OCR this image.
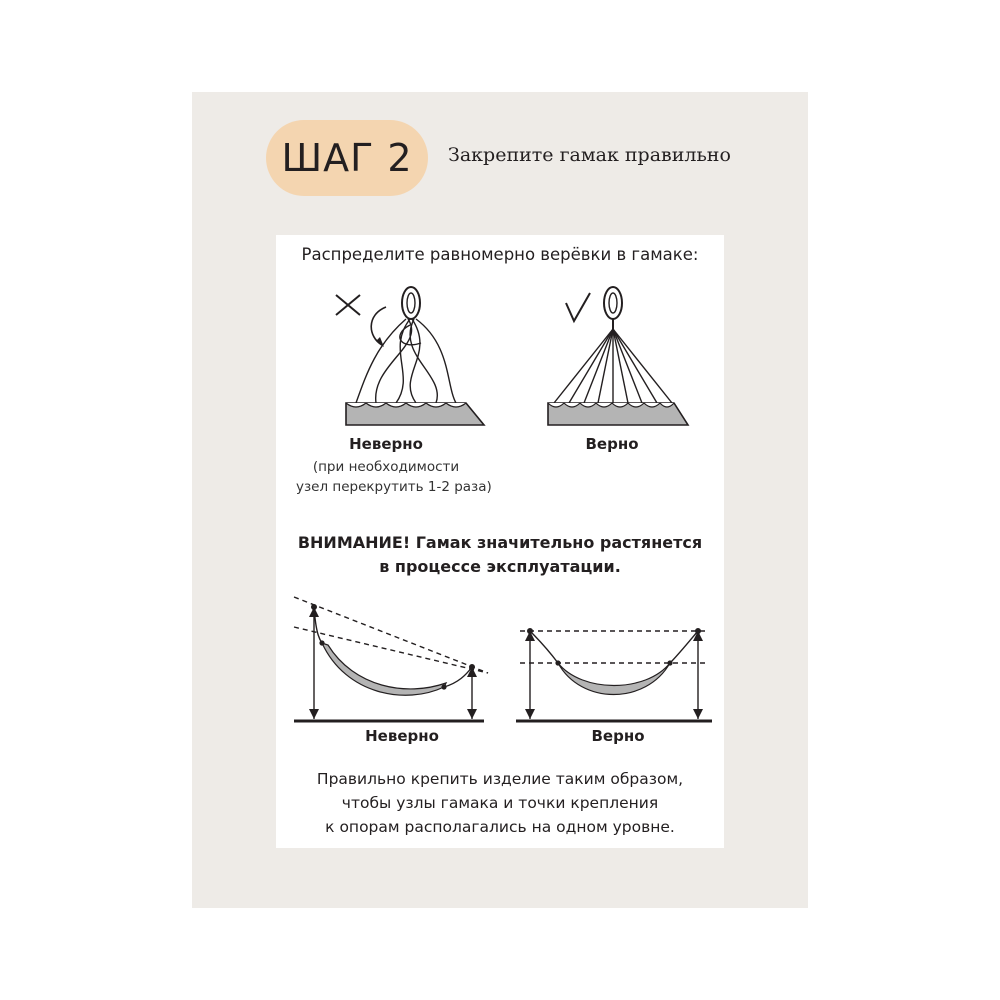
ШАГ 2 Закрепите гамак правильно
Распределите равномерно верёвки в гамаке:
Неверно
(при необходимости
узел перекрутить 1-2 раза)
Верно
ВНИМАНИЕ! Гамак значительно растянется
в процессе эксплуатации.
Неверно	Верно
Правильно крепить изделие таким образом,
чтобы узлы гамака и точки крепления
к опорам располагались на одном уровне.
